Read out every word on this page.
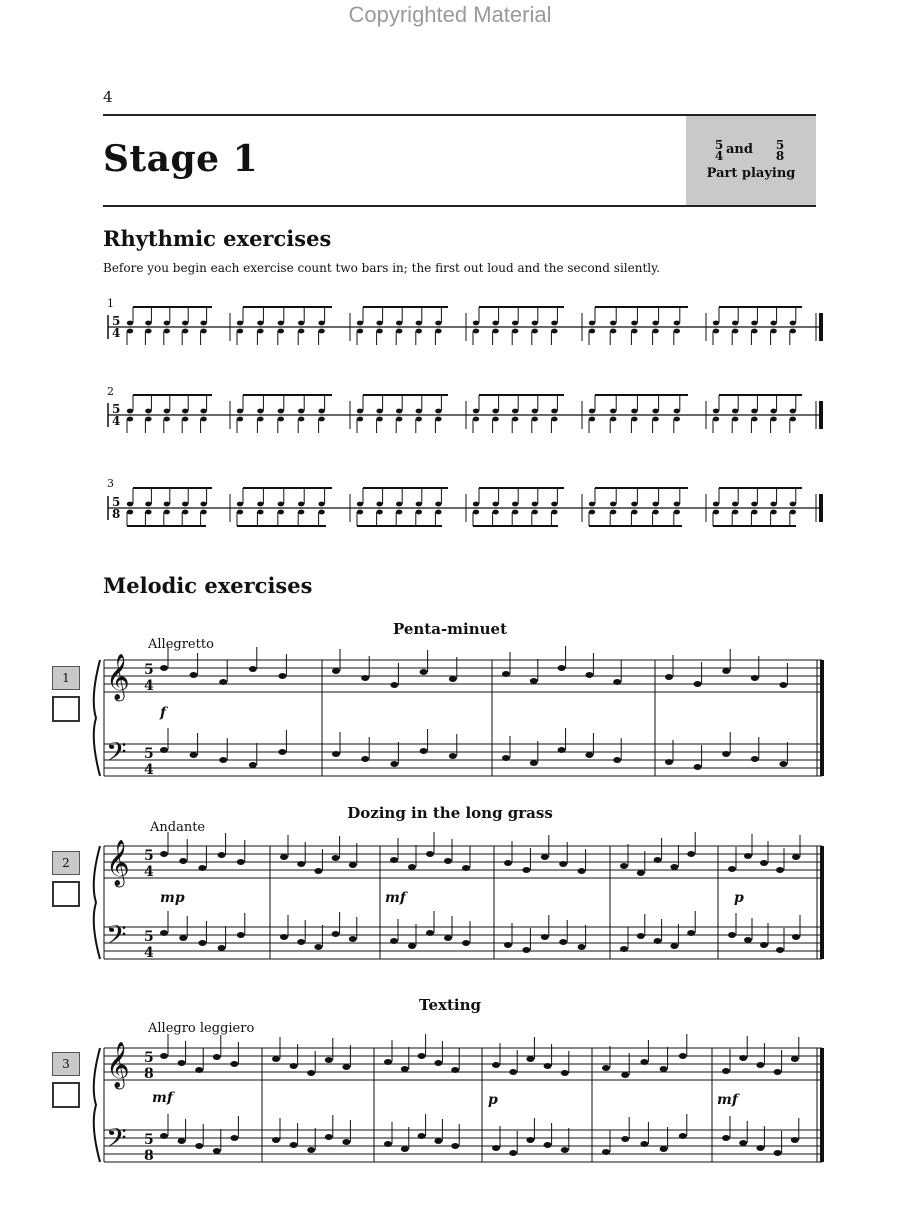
Copyrighted Material
4
Stage 1	5
4 and 5
8
Part playing
Rhythmic exercises
Before you begin each exercise count two bars in; the first out loud and the second silently.
1
2
3
Melodic exercises
Penta-minuet
Allegretto
1
f
Dozing in the long grass
Andante
2
mp	mf	p
Texting
Allegro leggiero
3
mf	p	mf
5
4
5
4
5
8
𝄞 5
4
𝄢 5
4
𝄞 5
4
𝄢 5
4
𝄞 5
8
𝄢 5
8
